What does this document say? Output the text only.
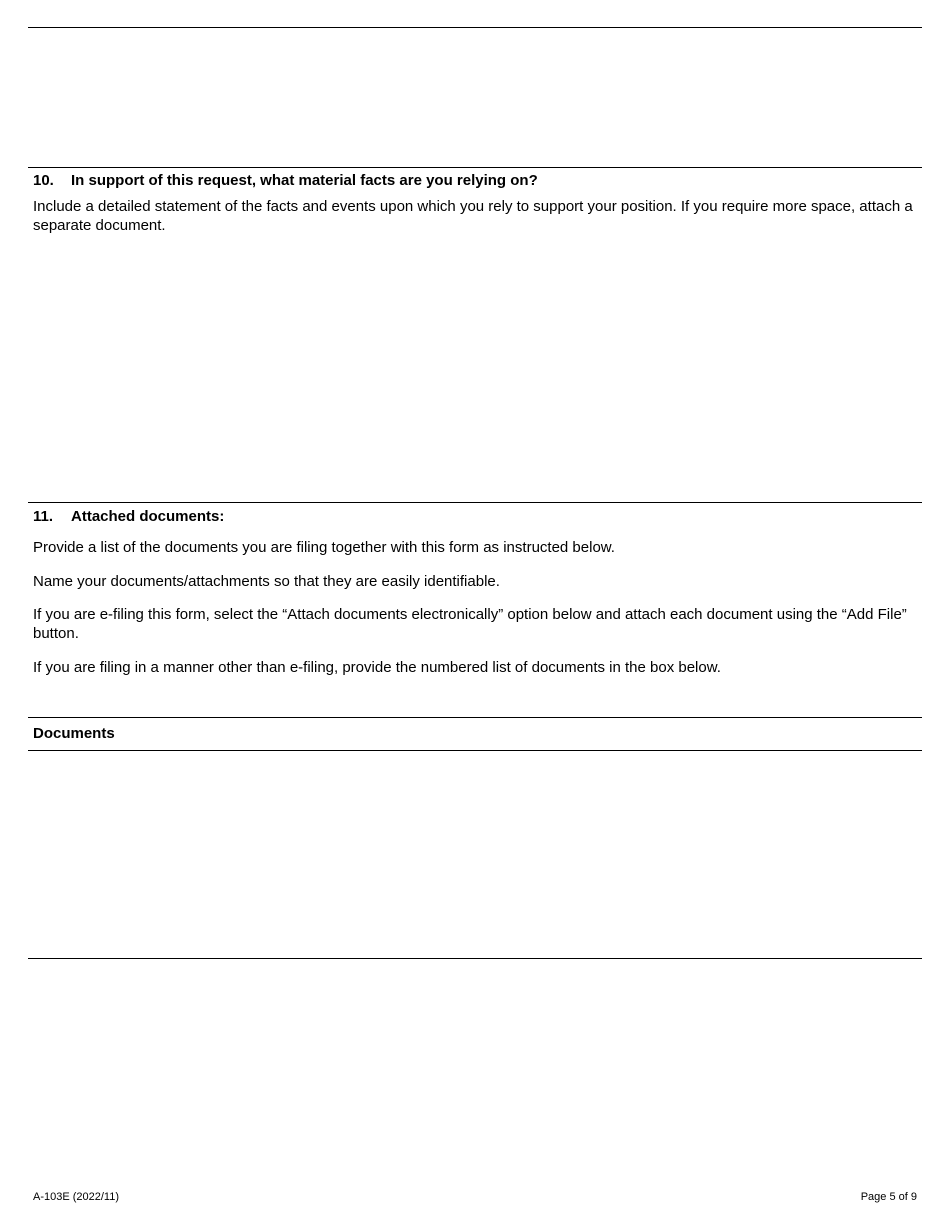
10. In support of this request, what material facts are you relying on?
Include a detailed statement of the facts and events upon which you rely to support your position. If you require more space, attach a separate document.
11. Attached documents:
Provide a list of the documents you are filing together with this form as instructed below.
Name your documents/attachments so that they are easily identifiable.
If you are e-filing this form, select the “Attach documents electronically” option below and attach each document using the “Add File” button.
If you are filing in a manner other than e-filing, provide the numbered list of documents in the box below.
Documents
A-103E (2022/11)	Page 5 of 9
